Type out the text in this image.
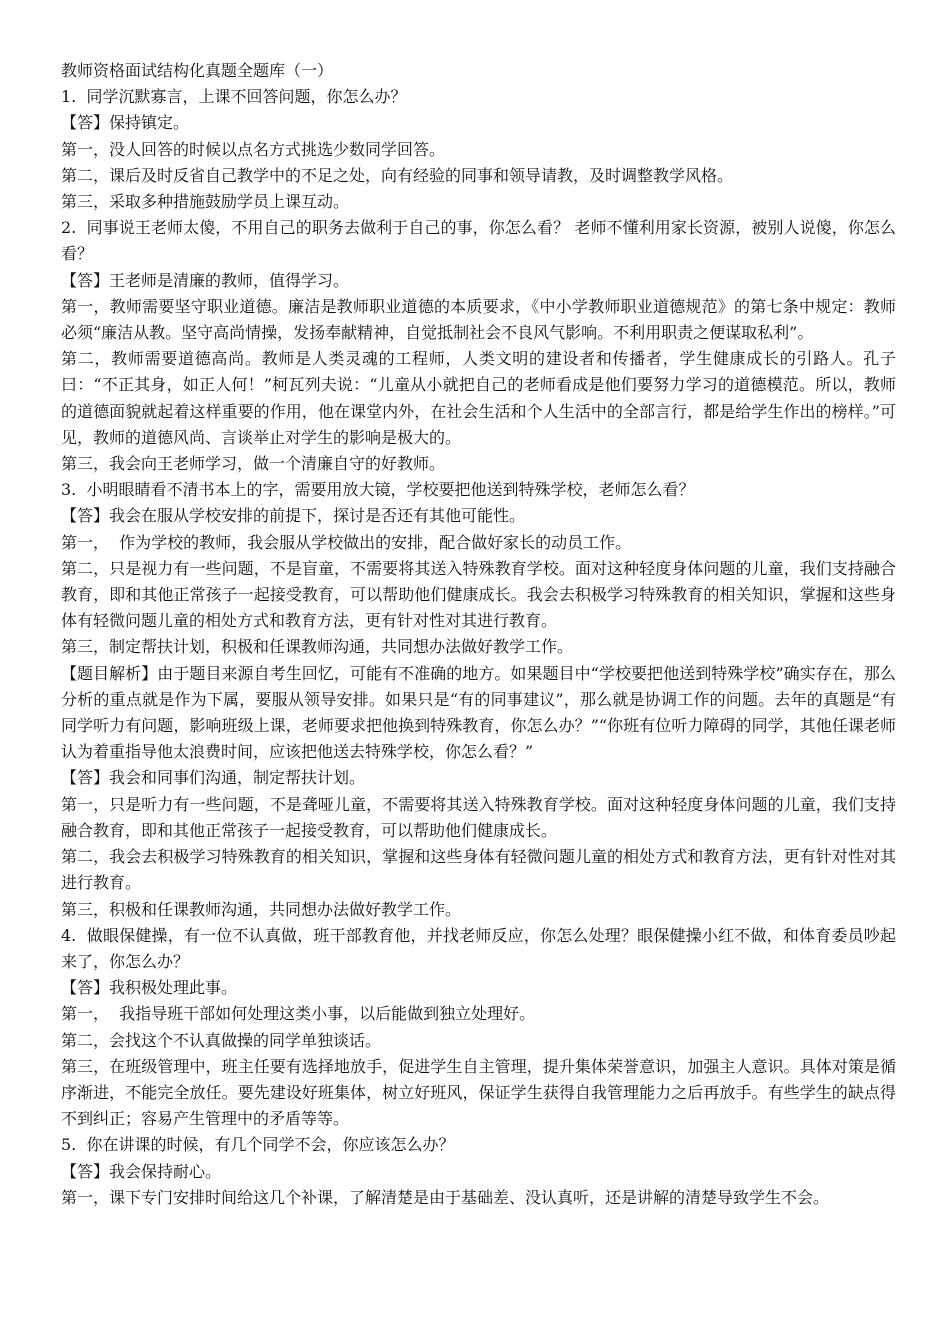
教师资格面试结构化真题全题库（一）

1.  同学沉默寡言，上课不回答问题，你怎么办？

【答】保持镇定。

第一，没人回答的时候以点名方式挑选少数同学回答。

第二，课后及时反省自己教学中的不足之处，向有经验的同事和领导请教，及时调整教学风格。

第三，采取多种措施鼓励学员上课互动。

2.  同事说王老师太傻，不用自己的职务去做利于自己的事，你怎么看？ 老师不懂利用家长资源，被别人说傻，你怎么看？

【答】王老师是清廉的教师，值得学习。

第一，教师需要坚守职业道德。廉洁是教师职业道德的本质要求，《中小学教师职业道德规范》的第七条中规定：教师必须“廉洁从教。坚守高尚情操，发扬奉献精神，自觉抵制社会不良风气影响。不利用职责之便谋取私利”。

第二，教师需要道德高尚。教师是人类灵魂的工程师，人类文明的建设者和传播者，学生健康成长的引路人。孔子曰：“不正其身，如正人何！”柯瓦列夫说：“儿童从小就把自己的老师看成是他们要努力学习的道德模范。所以，教师的道德面貌就起着这样重要的作用，他在课堂内外，在社会生活和个人生活中的全部言行，都是给学生作出的榜样。”可见，教师的道德风尚、言谈举止对学生的影响是极大的。

第三，我会向王老师学习，做一个清廉自守的好教师。

3.  小明眼睛看不清书本上的字，需要用放大镜，学校要把他送到特殊学校，老师怎么看？

【答】我会在服从学校安排的前提下，探讨是否还有其他可能性。

第一，  作为学校的教师，我会服从学校做出的安排，配合做好家长的动员工作。

第二，只是视力有一些问题，不是盲童，不需要将其送入特殊教育学校。面对这种轻度身体问题的儿童，我们支持融合教育，即和其他正常孩子一起接受教育，可以帮助他们健康成长。我会去积极学习特殊教育的相关知识，掌握和这些身体有轻微问题儿童的相处方式和教育方法，更有针对性对其进行教育。

第三，制定帮扶计划，积极和任课教师沟通，共同想办法做好教学工作。

【题目解析】由于题目来源自考生回忆，可能有不准确的地方。如果题目中“学校要把他送到特殊学校”确实存在，那么分析的重点就是作为下属，要服从领导安排。如果只是“有的同事建议”，那么就是协调工作的问题。去年的真题是“有同学听力有问题，影响班级上课，老师要求把他换到特殊教育，你怎么办？”“你班有位听力障碍的同学，其他任课老师认为着重指导他太浪费时间，应该把他送去特殊学校，你怎么看？”

【答】我会和同事们沟通，制定帮扶计划。

第一，只是听力有一些问题，不是聋哑儿童，不需要将其送入特殊教育学校。面对这种轻度身体问题的儿童，我们支持融合教育，即和其他正常孩子一起接受教育，可以帮助他们健康成长。

第二，我会去积极学习特殊教育的相关知识，掌握和这些身体有轻微问题儿童的相处方式和教育方法，更有针对性对其进行教育。

第三，积极和任课教师沟通，共同想办法做好教学工作。

4.  做眼保健操，有一位不认真做，班干部教育他，并找老师反应，你怎么处理？眼保健操小红不做，和体育委员吵起来了，你怎么办？

【答】我积极处理此事。

第一，  我指导班干部如何处理这类小事，以后能做到独立处理好。

第二，会找这个不认真做操的同学单独谈话。

第三，在班级管理中，班主任要有选择地放手，促进学生自主管理，提升集体荣誉意识，加强主人意识。具体对策是循序渐进，不能完全放任。要先建设好班集体，树立好班风，保证学生获得自我管理能力之后再放手。有些学生的缺点得不到纠正；容易产生管理中的矛盾等等。

5.  你在讲课的时候，有几个同学不会，你应该怎么办？

【答】我会保持耐心。

第一，课下专门安排时间给这几个补课，了解清楚是由于基础差、没认真听，还是讲解的清楚导致学生不会。
